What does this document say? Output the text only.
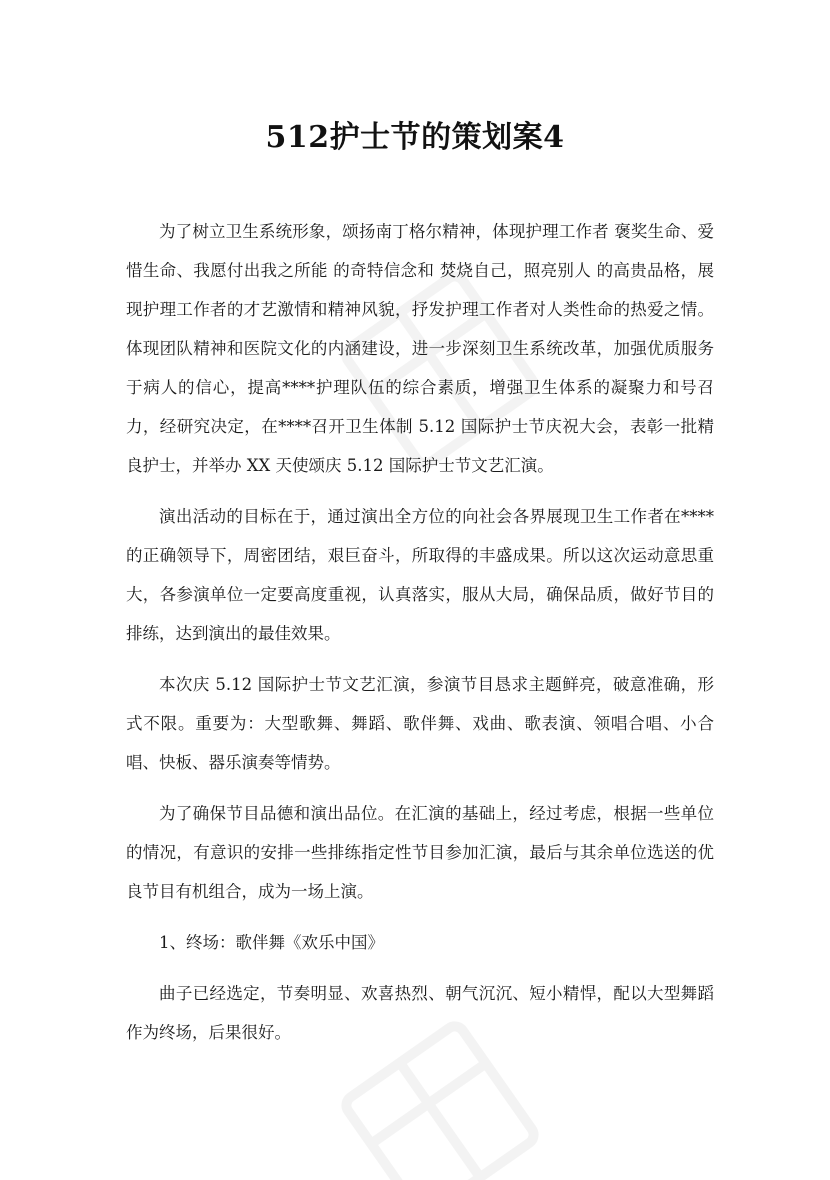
512护士节的策划案4

为了树立卫生系统形象，颂扬南丁格尔精神，体现护理工作者 褒奖生命、爱惜生命、我愿付出我之所能 的奇特信念和 焚烧自己，照亮别人 的高贵品格，展现护理工作者的才艺激情和精神风貌，抒发护理工作者对人类性命的热爱之情。体现团队精神和医院文化的内涵建设，进一步深刻卫生系统改革，加强优质服务于病人的信心，提高****护理队伍的综合素质，增强卫生体系的凝聚力和号召力，经研究决定，在****召开卫生体制 5.12 国际护士节庆祝大会，表彰一批精良护士，并举办 XX 天使颂庆 5.12 国际护士节文艺汇演。

演出活动的目标在于，通过演出全方位的向社会各界展现卫生工作者在****的正确领导下，周密团结，艰巨奋斗，所取得的丰盛成果。所以这次运动意思重大，各参演单位一定要高度重视，认真落实，服从大局，确保品质，做好节目的排练，达到演出的最佳效果。

本次庆 5.12 国际护士节文艺汇演，参演节目恳求主题鲜亮，破意准确，形式不限。重要为：大型歌舞、舞蹈、歌伴舞、戏曲、歌表演、领唱合唱、小合唱、快板、器乐演奏等情势。

为了确保节目品德和演出品位。在汇演的基础上，经过考虑，根据一些单位的情况，有意识的安排一些排练指定性节目参加汇演，最后与其余单位选送的优良节目有机组合，成为一场上演。

1、终场：歌伴舞《欢乐中国》

曲子已经选定，节奏明显、欢喜热烈、朝气沉沉、短小精悍，配以大型舞蹈作为终场，后果很好。
